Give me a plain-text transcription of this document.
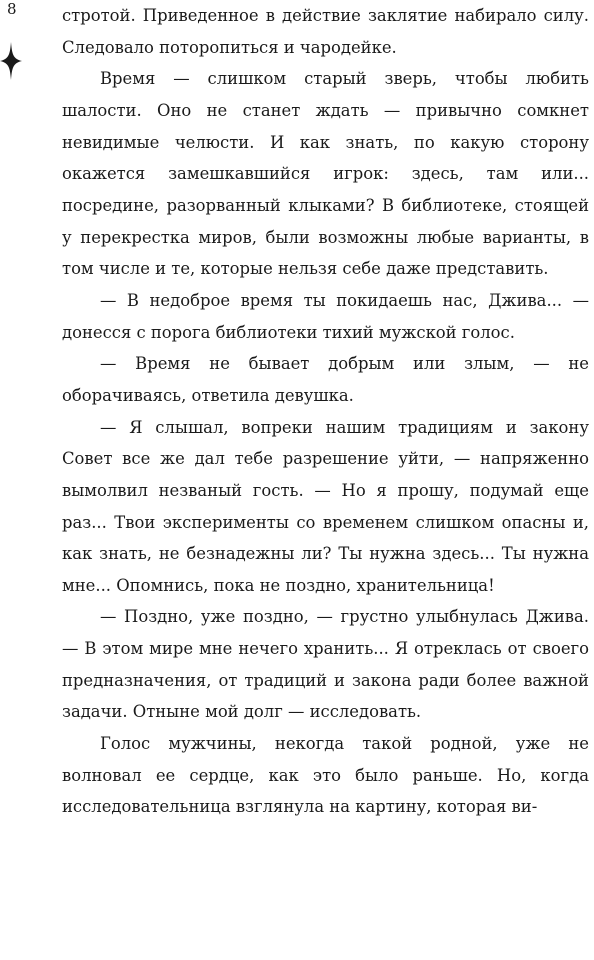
8	стротой. Приведенное в действие заклятие набирало силу. Следовало поторопиться и чародейке.

Время — слишком старый зверь, чтобы любить шалости. Оно не станет ждать — привычно сомкнет невидимые челюсти. И как знать, по какую сторону окажется замешкавшийся игрок: здесь, там или... посредине, разорванный клыками? В библиотеке, стоящей у перекрестка миров, были возможны любые варианты, в том числе и те, которые нельзя себе даже представить.

— В недоброе время ты покидаешь нас, Джива... — донесся с порога библиотеки тихий мужской голос.

— Время не бывает добрым или злым, — не оборачиваясь, ответила девушка.

— Я слышал, вопреки нашим традициям и закону Совет все же дал тебе разрешение уйти, — напряженно вымолвил незваный гость. — Но я прошу, подумай еще раз... Твои эксперименты со временем слишком опасны и, как знать, не безнадежны ли? Ты нужна здесь... Ты нужна мне... Опомнись, пока не поздно, хранительница!

— Поздно, уже поздно, — грустно улыбнулась Джива. — В этом мире мне нечего хранить... Я отреклась от своего предназначения, от традиций и закона ради более важной задачи. Отныне мой долг — исследовать.

Голос мужчины, некогда такой родной, уже не волновал ее сердце, как это было раньше. Но, когда исследовательница взглянула на картину, которая ви-
